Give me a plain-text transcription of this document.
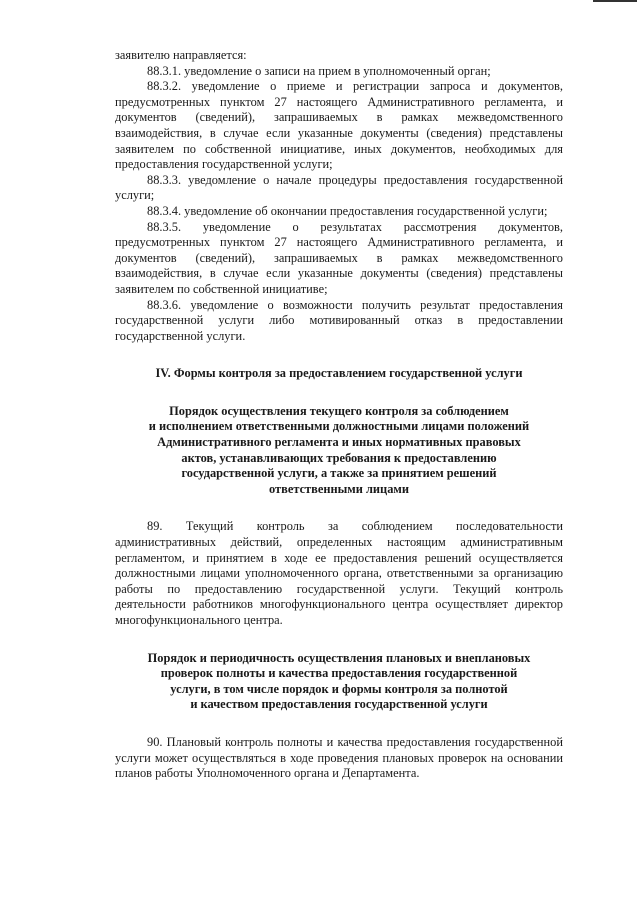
заявителю направляется:

88.3.1. уведомление о записи на прием в уполномоченный орган;

88.3.2. уведомление о приеме и регистрации запроса и документов, предусмотренных пунктом 27 настоящего Административного регламента, и документов (сведений), запрашиваемых в рамках межведомственного взаимодействия, в случае если указанные документы (сведения) представлены заявителем по собственной инициативе, иных документов, необходимых для предоставления государственной услуги;

88.3.3. уведомление о начале процедуры предоставления государственной услуги;

88.3.4. уведомление об окончании предоставления государственной услуги;

88.3.5. уведомление о результатах рассмотрения документов, предусмотренных пунктом 27 настоящего Административного регламента, и документов (сведений), запрашиваемых в рамках межведомственного взаимодействия, в случае если указанные документы (сведения) представлены заявителем по собственной инициативе;

88.3.6. уведомление о возможности получить результат предоставления государственной услуги либо мотивированный отказ в предоставлении государственной услуги.

IV. Формы контроля за предоставлением государственной услуги

Порядок осуществления текущего контроля за соблюдением
и исполнением ответственными должностными лицами положений
Административного регламента и иных нормативных правовых
актов, устанавливающих требования к предоставлению
государственной услуги, а также за принятием решений
ответственными лицами

89. Текущий контроль за соблюдением последовательности административных действий, определенных настоящим административным регламентом, и принятием в ходе ее предоставления решений осуществляется должностными лицами уполномоченного органа, ответственными за организацию работы по предоставлению государственной услуги. Текущий контроль деятельности работников многофункционального центра осуществляет директор многофункционального центра.

Порядок и периодичность осуществления плановых и внеплановых
проверок полноты и качества предоставления государственной
услуги, в том числе порядок и формы контроля за полнотой
и качеством предоставления государственной услуги

90. Плановый контроль полноты и качества предоставления государственной услуги может осуществляться в ходе проведения плановых проверок на основании планов работы Уполномоченного органа и Департамента.
